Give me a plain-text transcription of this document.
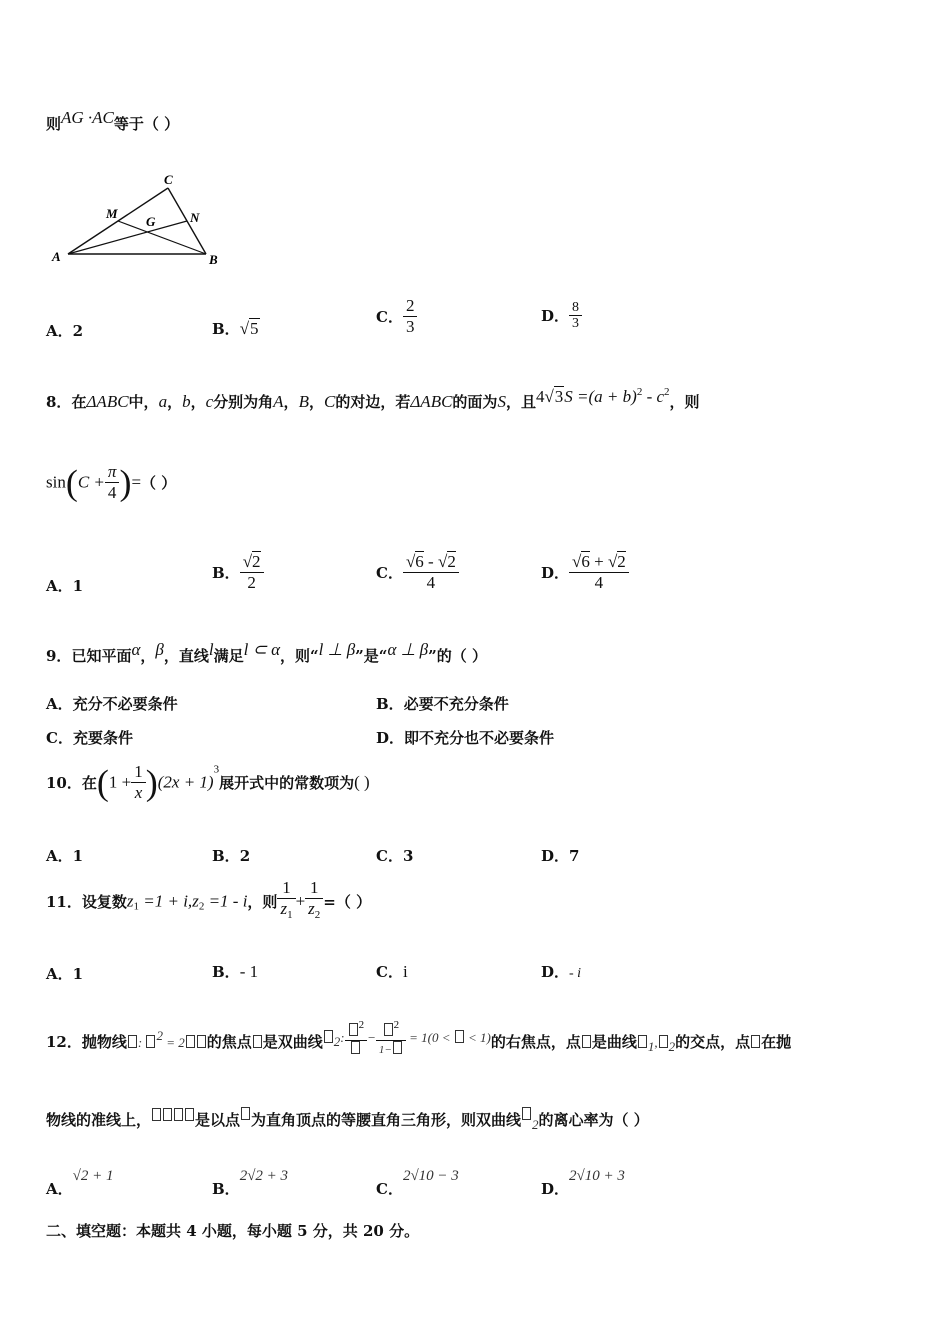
则AG ·AC等于（ ）
C
A	B
M	N
G
A．2	B．√5
C． $\frac{2}{3}$	D． $\frac{8}{3}$
8．在ΔABC中，a，b，c分别为角A，B，C的对边，若ΔABC的面为S，且$4√3S =(a + b)^2 - c^2$，则
$\sin(C + \frac{\pi}{4}$ )=（ ）
A．1
B． $\frac{√2}{2}$	C． $\frac{√6 - √2}{4}$	D． $\frac{√6 + √2}{4}$
9．已知平面α，β，直线l满足l ⊂ α，则“l ⊥ β”是“α ⊥ β”的（ ）
A．充分不必要条件	B．必要不充分条件
C．充要条件	D．即不充分也不必要条件
10．在$(1 + \frac{1}{x} )(2x + 1)^3$展开式中的常数项为( )
A．1	B．2	C．3	D．7
11．设复数$z_1 =1 + i,z_2 =1 - i$，则 $\frac{1}{z_1} + \frac{1}{z_2}$ =（ ）
A．1	B．- 1	C．i	D．- i
12．抛物线 : 2 = 2 的焦点 是双曲线 2:
2
− $\frac{2}{1-} = 1(0$ <  < 1)的右焦点，点 是曲线 1, 2的交点，点 在抛
物线的准线上，	是以点 为直角顶点的等腰直角三角形，则双曲线 2的离心率为（ ）
A．√2 + 1
B．2√2 + 3
C．2√10 − 3
D．2√10 + 3
二、填空题：本题共 4 小题，每小题 5 分，共 20 分。
